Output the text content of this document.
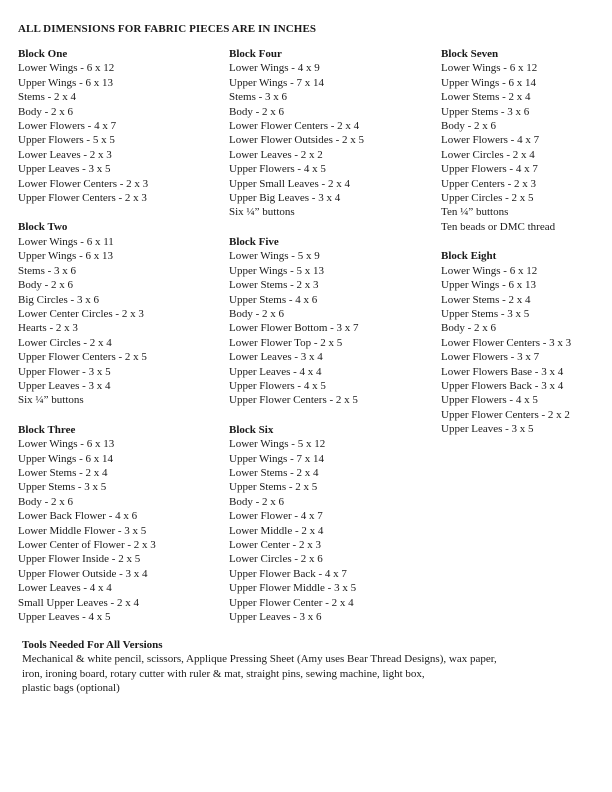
ALL DIMENSIONS FOR FABRIC PIECES ARE IN INCHES
Block One
Lower Wings - 6 x 12
Upper Wings - 6 x 13
Stems - 2 x 4
Body - 2 x 6
Lower Flowers - 4 x 7
Upper Flowers - 5 x 5
Lower Leaves - 2 x 3
Upper Leaves - 3 x 5
Lower Flower Centers - 2 x 3
Upper Flower Centers - 2 x 3
Block Two
Lower Wings - 6 x 11
Upper Wings - 6 x 13
Stems - 3 x 6
Body - 2 x 6
Big Circles - 3 x 6
Lower Center Circles - 2 x 3
Hearts - 2 x 3
Lower Circles - 2 x 4
Upper Flower Centers - 2 x 5
Upper Flower - 3 x 5
Upper Leaves - 3 x 4
Six ¼” buttons
Block Three
Lower Wings - 6 x 13
Upper Wings - 6 x 14
Lower Stems - 2 x 4
Upper Stems - 3 x 5
Body - 2 x 6
Lower Back Flower - 4 x 6
Lower Middle Flower - 3 x 5
Lower Center of Flower - 2 x 3
Upper Flower Inside - 2 x 5
Upper Flower Outside - 3 x 4
Lower Leaves - 4 x 4
Small Upper Leaves - 2 x 4
Upper Leaves - 4 x 5
Block Four
Lower Wings - 4 x 9
Upper Wings - 7 x 14
Stems - 3 x 6
Body - 2 x 6
Lower Flower Centers - 2 x 4
Lower Flower Outsides - 2 x 5
Lower Leaves - 2 x 2
Upper Flowers - 4 x 5
Upper Small Leaves - 2 x 4
Upper Big Leaves - 3 x 4
Six ¼” buttons
Block Five
Lower Wings - 5 x 9
Upper Wings - 5 x 13
Lower Stems - 2 x 3
Upper Stems - 4 x 6
Body - 2 x 6
Lower Flower Bottom - 3 x 7
Lower Flower Top - 2 x 5
Lower Leaves - 3 x 4
Upper Leaves - 4 x 4
Upper Flowers - 4 x 5
Upper Flower Centers - 2 x 5
Block Six
Lower Wings - 5 x 12
Upper Wings - 7 x 14
Lower Stems - 2 x 4
Upper Stems - 2 x 5
Body - 2 x 6
Lower Flower - 4 x 7
Lower Middle - 2 x 4
Lower Center - 2 x 3
Lower Circles - 2 x 6
Upper Flower Back - 4 x 7
Upper Flower Middle - 3 x 5
Upper Flower Center - 2 x 4
Upper Leaves - 3 x 6
Block Seven
Lower Wings - 6 x 12
Upper Wings - 6 x 14
Lower Stems - 2 x 4
Upper Stems - 3 x 6
Body - 2 x 6
Lower Flowers - 4 x 7
Lower Circles - 2 x 4
Upper Flowers - 4 x 7
Upper Centers - 2 x 3
Upper Circles - 2 x 5
Ten ¼” buttons
Ten beads or DMC thread
Block Eight
Lower Wings - 6 x 12
Upper Wings - 6 x 13
Lower Stems - 2 x 4
Upper Stems - 3 x 5
Body - 2 x 6
Lower Flower Centers - 3 x 3
Lower Flowers - 3 x 7
Lower Flowers Base - 3 x 4
Upper Flowers Back - 3 x 4
Upper Flowers - 4 x 5
Upper Flower Centers - 2 x 2
Upper Leaves - 3 x 5

Tools Needed For All Versions

Mechanical & white pencil, scissors, Applique Pressing Sheet (Amy uses Bear Thread Designs), wax paper,
iron, ironing board, rotary cutter with ruler & mat, straight pins, sewing machine, light box,
plastic bags (optional)
